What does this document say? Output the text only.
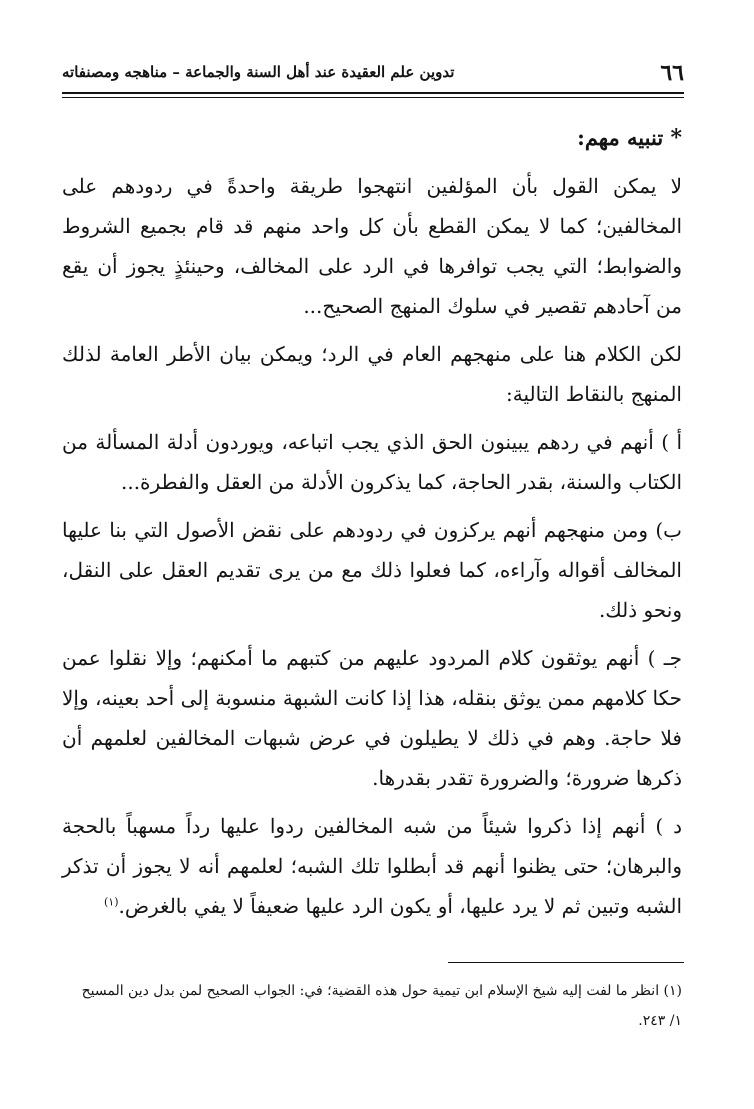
٦٦
تدوين علم العقيدة عند أهل السنة والجماعة – مناهجه ومصنفاته

* تنبيه مهم:

لا يمكن القول بأن المؤلفين انتهجوا طريقة واحدةً في ردودهم على المخالفين؛ كما لا يمكن القطع بأن كل واحد منهم قد قام بجميع الشروط والضوابط؛ التي يجب توافرها في الرد على المخالف، وحينئذٍ يجوز أن يقع من آحادهم تقصير في سلوك المنهج الصحيح...

لكن الكلام هنا على منهجهم العام في الرد؛ ويمكن بيان الأطر العامة لذلك المنهج بالنقاط التالية:

أ ) أنهم في ردهم يبينون الحق الذي يجب اتباعه، ويوردون أدلة المسألة من الكتاب والسنة، بقدر الحاجة، كما يذكرون الأدلة من العقل والفطرة...

ب) ومن منهجهم أنهم يركزون في ردودهم على نقض الأصول التي بنا عليها المخالف أقواله وآراءه، كما فعلوا ذلك مع من يرى تقديم العقل على النقل، ونحو ذلك.

جـ ) أنهم يوثقون كلام المردود عليهم من كتبهم ما أمكنهم؛ وإلا نقلوا عمن حكا كلامهم ممن يوثق بنقله، هذا إذا كانت الشبهة منسوبة إلى أحد بعينه، وإلا فلا حاجة. وهم في ذلك لا يطيلون في عرض شبهات المخالفين لعلمهم أن ذكرها ضرورة؛ والضرورة تقدر بقدرها.

د ) أنهم إذا ذكروا شيئاً من شبه المخالفين ردوا عليها رداً مسهباً بالحجة والبرهان؛ حتى يظنوا أنهم قد أبطلوا تلك الشبه؛ لعلمهم أنه لا يجوز أن تذكر الشبه وتبين ثم لا يرد عليها، أو يكون الرد عليها ضعيفاً لا يفي بالغرض.$^{(١)}$

(١) انظر ما لفت إليه شيخ الإسلام ابن تيمية حول هذه القضية؛ في: الجواب الصحيح لمن بدل دين المسيح

١/ ٢٤٣.
